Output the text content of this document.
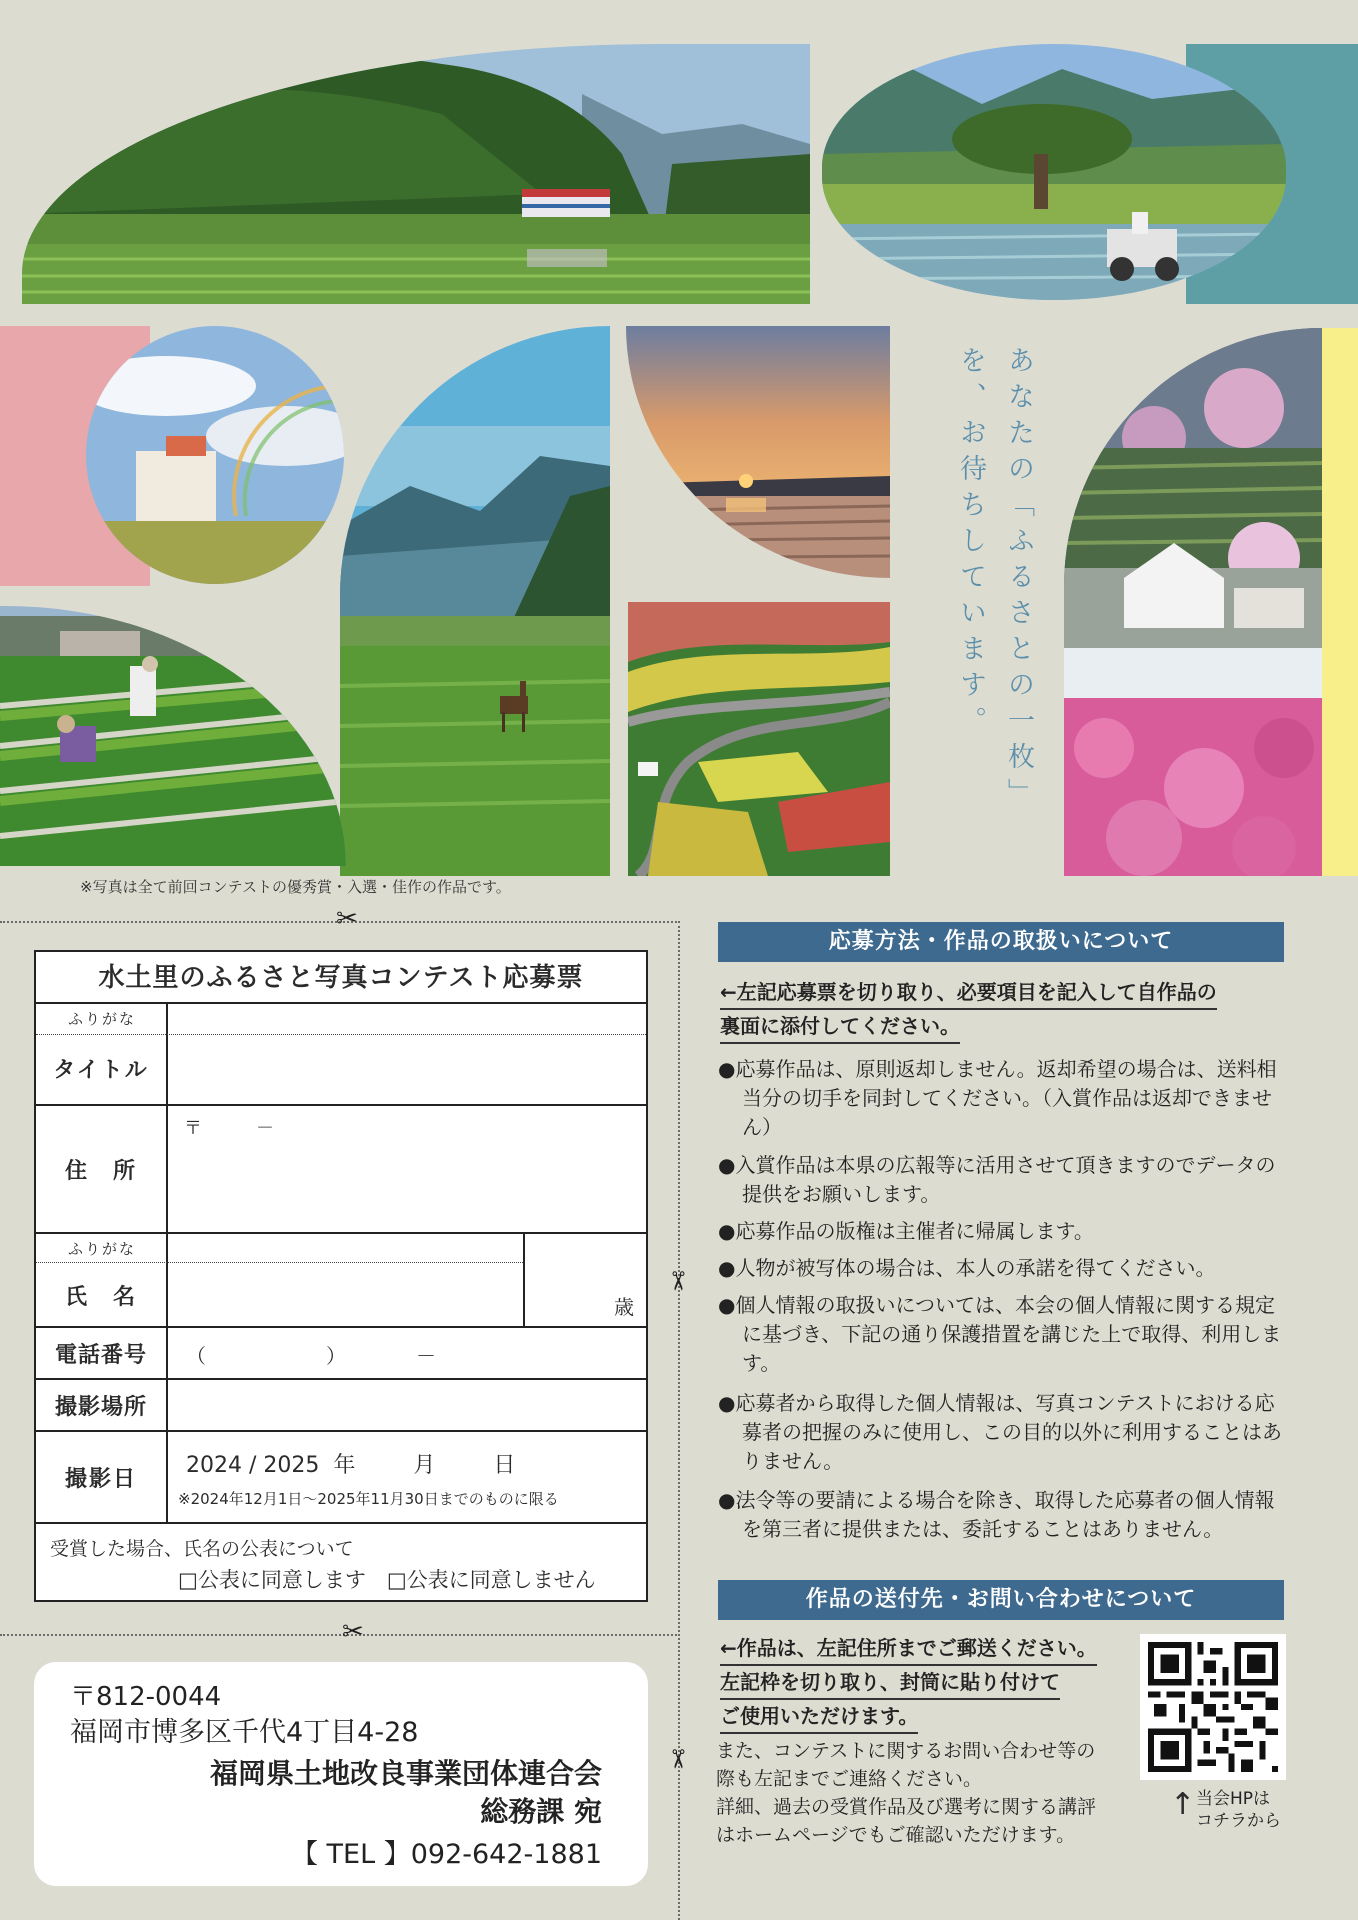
あなたの「ふるさとの一枚」を、お待ちしています。
※写真は全て前回コンテストの優秀賞・入選・佳作の作品です。
✂
✂
✂
✂
水土里のふるさと写真コンテスト応募票
タイトル
ふりがな
住　所
〒　　　－
氏　名
ふりがな
歳
電話番号	（　　　　　　）　　　　－
撮影場所
撮影日
2024 / 2025  年　　  月　　  日
※2024年12月1日～2025年11月30日までのものに限る
受賞した場合、氏名の公表について
□公表に同意します　□公表に同意しません
〒812-0044
福岡市博多区千代4丁目4-28
福岡県土地改良事業団体連合会
総務課 宛
【 TEL 】092-642-1881
応募方法・作品の取扱いについて
←左記応募票を切り取り、必要項目を記入して自作品の
裏面に添付してください。
●応募作品は、原則返却しません。返却希望の場合は、送料相当分の切手を同封してください。（入賞作品は返却できません）
●入賞作品は本県の広報等に活用させて頂きますのでデータの提供をお願いします。
●応募作品の版権は主催者に帰属します。
●人物が被写体の場合は、本人の承諾を得てください。
●個人情報の取扱いについては、本会の個人情報に関する規定に基づき、下記の通り保護措置を講じた上で取得、利用します。
●応募者から取得した個人情報は、写真コンテストにおける応募者の把握のみに使用し、この目的以外に利用することはありません。
●法令等の要請による場合を除き、取得した応募者の個人情報を第三者に提供または、委託することはありません。
作品の送付先・お問い合わせについて
←作品は、左記住所までご郵送ください。
左記枠を切り取り、封筒に貼り付けて
ご使用いただけます。
また、コンテストに関するお問い合わせ等の
際も左記までご連絡ください。
詳細、過去の受賞作品及び選考に関する講評
はホームページでもご確認いただけます。
↑ 当会HPは
コチラから
